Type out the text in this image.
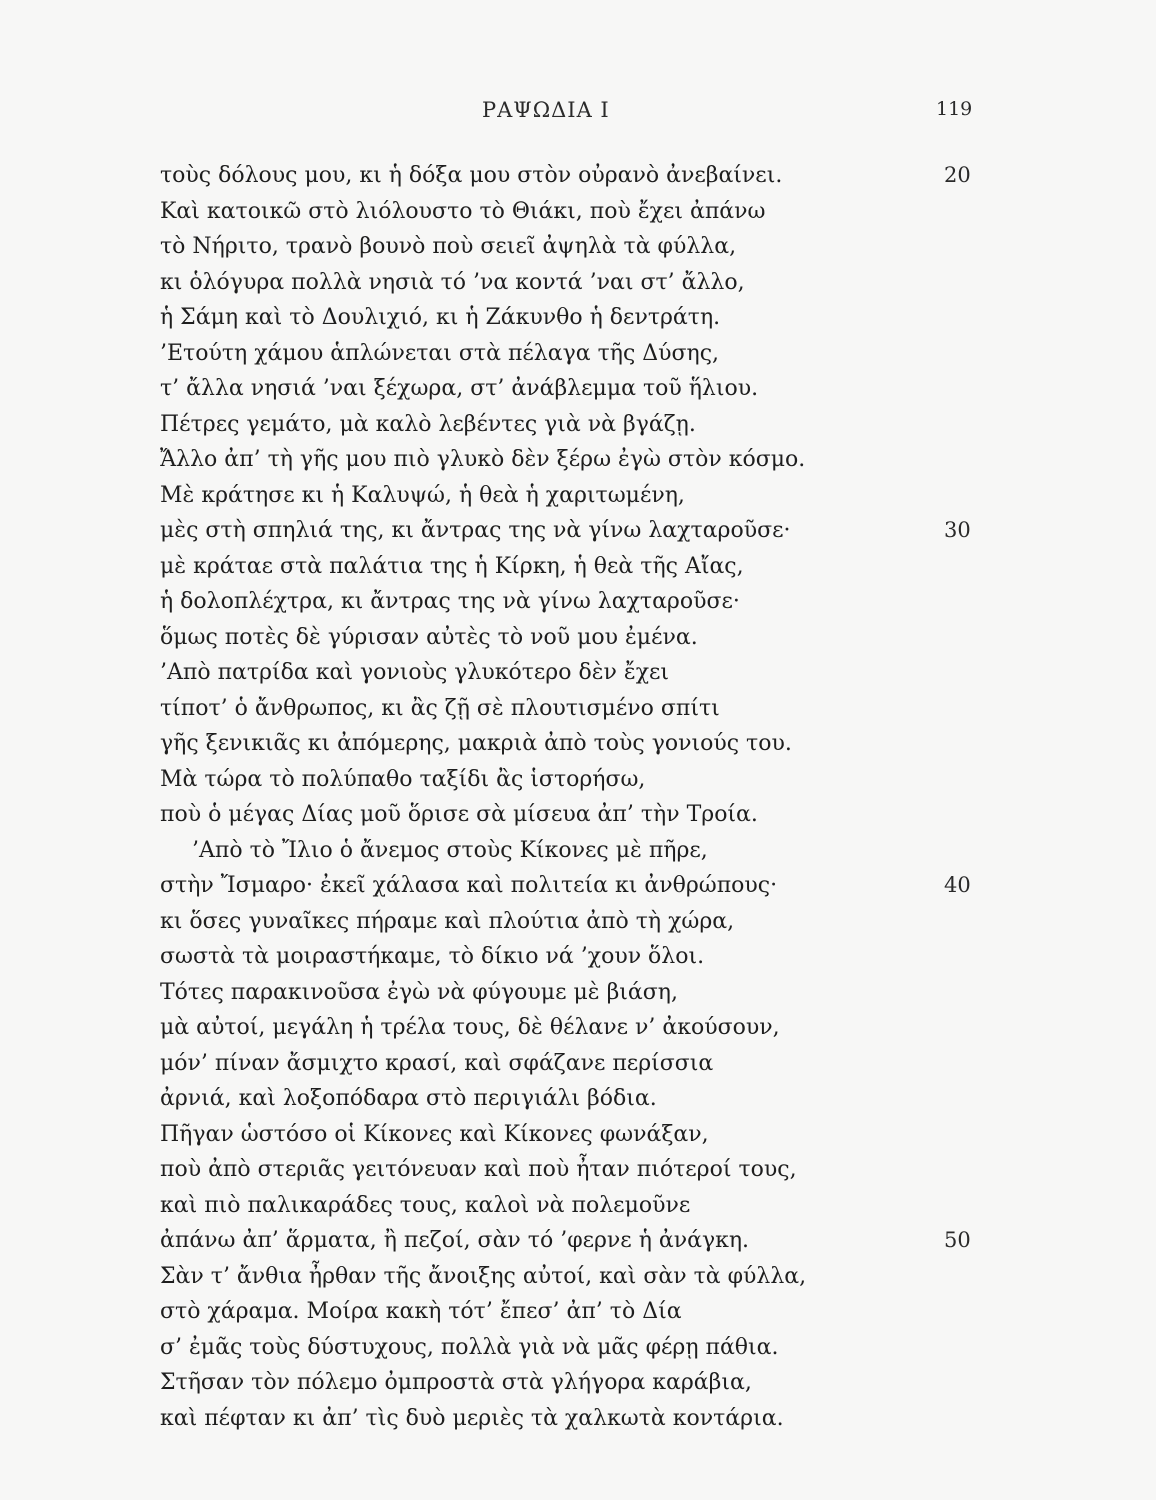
ΡΑΨΩΔΙΑ Ι	119
τοὺς δόλους μου, κι ἡ δόξα μου στὸν οὐρανὸ ἀνεβαίνει.	20
Καὶ κατοικῶ στὸ λιόλουστο τὸ Θιάκι, ποὺ ἔχει ἀπάνω
τὸ Νήριτο, τρανὸ βουνὸ ποὺ σειεῖ ἀψηλὰ τὰ φύλλα,
κι ὁλόγυρα πολλὰ νησιὰ τό ’να κοντά ’ναι στ’ ἄλλο,
ἡ Σάμη καὶ τὸ Δουλιχιό, κι ἡ Ζάκυνθο ἡ δεντράτη.
’Ετούτη χάμου ἁπλώνεται στὰ πέλαγα τῆς Δύσης,
τ’ ἄλλα νησιά ’ναι ξέχωρα, στ’ ἀνάβλεμμα τοῦ ἥλιου.
Πέτρες γεμάτο, μὰ καλὸ λεβέντες γιὰ νὰ βγάζῃ.
Ἄλλο ἀπ’ τὴ γῆς μου πιὸ γλυκὸ δὲν ξέρω ἐγὼ στὸν κόσμο.
Μὲ κράτησε κι ἡ Καλυψώ, ἡ θεὰ ἡ χαριτωμένη,
μὲς στὴ σπηλιά της, κι ἄντρας της νὰ γίνω λαχταροῦσε·	30
μὲ κράταε στὰ παλάτια της ἡ Κίρκη, ἡ θεὰ τῆς Αἴας,
ἡ δολοπλέχτρα, κι ἄντρας της νὰ γίνω λαχταροῦσε·
ὅμως ποτὲς δὲ γύρισαν αὐτὲς τὸ νοῦ μου ἐμένα.
’Απὸ πατρίδα καὶ γονιοὺς γλυκότερο δὲν ἔχει
τίποτ’ ὁ ἄνθρωπος, κι ἂς ζῇ σὲ πλουτισμένο σπίτι
γῆς ξενικιᾶς κι ἀπόμερης, μακριὰ ἀπὸ τοὺς γονιούς του.
Μὰ τώρα τὸ πολύπαθο ταξίδι ἂς ἱστορήσω,
ποὺ ὁ μέγας Δίας μοῦ ὅρισε σὰ μίσευα ἀπ’ τὴν Τροία.
’Απὸ τὸ Ἴλιο ὁ ἄνεμος στοὺς Κίκονες μὲ πῆρε,
στὴν Ἴσμαρο· ἐκεῖ χάλασα καὶ πολιτεία κι ἀνθρώπους·	40
κι ὅσες γυναῖκες πήραμε καὶ πλούτια ἀπὸ τὴ χώρα,
σωστὰ τὰ μοιραστήκαμε, τὸ δίκιο νά ’χουν ὅλοι.
Τότες παρακινοῦσα ἐγὼ νὰ φύγουμε μὲ βιάση,
μὰ αὐτοί, μεγάλη ἡ τρέλα τους, δὲ θέλανε ν’ ἀκούσουν,
μόν’ πίναν ἄσμιχτο κρασί, καὶ σφάζανε περίσσια
ἀρνιά, καὶ λοξοπόδαρα στὸ περιγιάλι βόδια.
Πῆγαν ὡστόσο οἱ Κίκονες καὶ Κίκονες φωνάξαν,
ποὺ ἀπὸ στεριᾶς γειτόνευαν καὶ ποὺ ἦταν πιότεροί τους,
καὶ πιὸ παλικαράδες τους, καλοὶ νὰ πολεμοῦνε
ἀπάνω ἀπ’ ἅρματα, ἢ πεζοί, σὰν τό ’φερνε ἡ ἀνάγκη.	50
Σὰν τ’ ἄνθια ἦρθαν τῆς ἄνοιξης αὐτοί, καὶ σὰν τὰ φύλλα,
στὸ χάραμα. Μοίρα κακὴ τότ’ ἔπεσ’ ἀπ’ τὸ Δία
σ’ ἐμᾶς τοὺς δύστυχους, πολλὰ γιὰ νὰ μᾶς φέρῃ πάθια.
Στῆσαν τὸν πόλεμο ὀμπροστὰ στὰ γλήγορα καράβια,
καὶ πέφταν κι ἀπ’ τὶς δυὸ μεριὲς τὰ χαλκωτὰ κοντάρια.
